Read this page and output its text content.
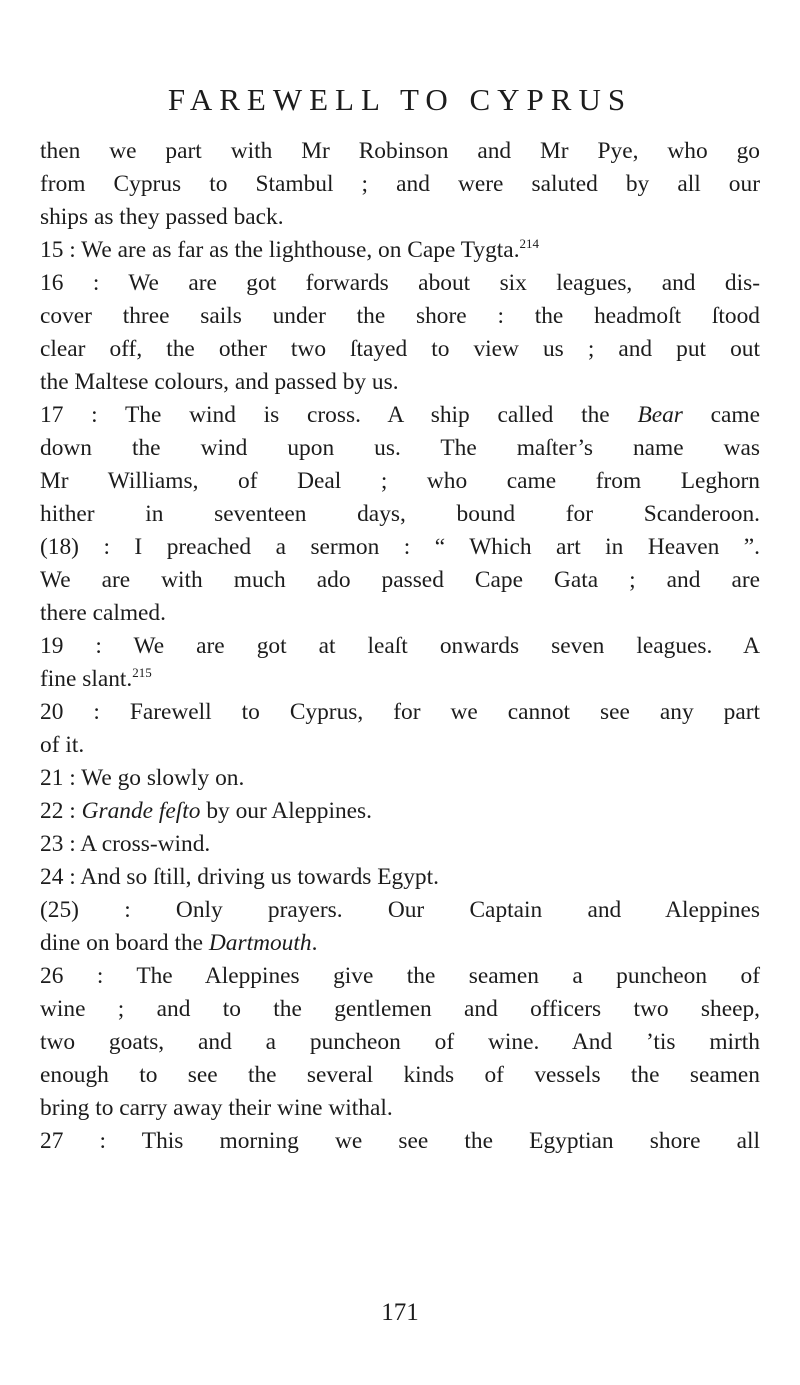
FAREWELL TO CYPRUS
then we part with Mr Robinson and Mr Pye, who go
from Cyprus to Stambul ; and were saluted by all our
ships as they passed back.
15 : We are as far as the lighthouse, on Cape Tygta.$^{214}$
16 : We are got forwards about six leagues, and dis-
cover three sails under the shore : the headmoſt ſtood
clear off, the other two ſtayed to view us ; and put out
the Maltese colours, and passed by us.
17 : The wind is cross. A ship called the Bear came
down the wind upon us. The maſter’s name was
Mr Williams, of Deal ; who came from Leghorn
hither in seventeen days, bound for Scanderoon.
(18) : I preached a sermon : “ Which art in Heaven ”.
We are with much ado passed Cape Gata ; and are
there calmed.
19 : We are got at leaſt onwards seven leagues. A
fine slant.$^{215}$
20 : Farewell to Cyprus, for we cannot see any part
of it.
21 : We go slowly on.
22 : Grande feſto by our Aleppines.
23 : A cross-wind.
24 : And so ſtill, driving us towards Egypt.
(25) : Only prayers. Our Captain and Aleppines
dine on board the Dartmouth.
26 : The Aleppines give the seamen a puncheon of
wine ; and to the gentlemen and officers two sheep,
two goats, and a puncheon of wine. And ’tis mirth
enough to see the several kinds of vessels the seamen
bring to carry away their wine withal.
27 : This morning we see the Egyptian shore all
171
